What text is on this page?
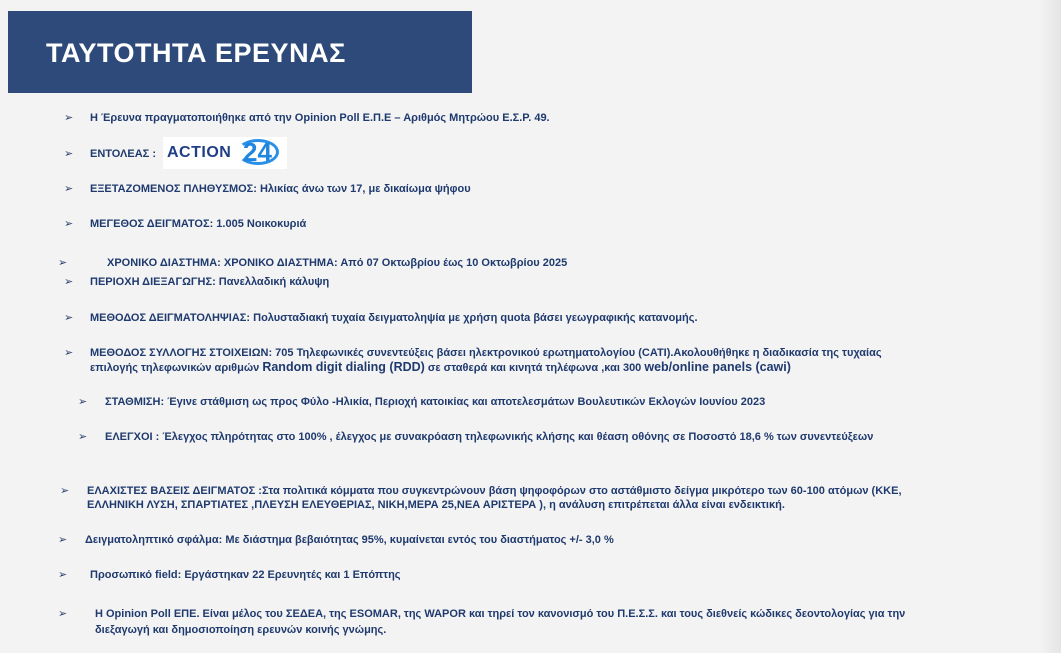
ΤΑΥΤΟΤΗΤΑ ΕΡΕΥΝΑΣ
➢ Η Έρευνα πραγματοποιήθηκε από την Opinion Poll Ε.Π.Ε – Αριθμός Μητρώου Ε.Σ.Ρ. 49.
➢ ΕΝΤΟΛΕΑΣ : ACTION 24
➢ ΕΞΕΤΑΖΟΜΕΝΟΣ ΠΛΗΘΥΣΜΟΣ: Ηλικίας άνω των 17, με δικαίωμα ψήφου
➢ ΜΕΓΕΘΟΣ ΔΕΙΓΜΑΤΟΣ: 1.005 Νοικοκυριά
➢	ΧΡΟΝΙΚΟ ΔΙΑΣΤΗΜΑ: ΧΡΟΝΙΚΟ ΔΙΑΣΤΗΜΑ: Από 07 Οκτωβρίου έως 10 Οκτωβρίου 2025
➢ ΠΕΡΙΟΧΗ ΔΙΕΞΑΓΩΓΗΣ: Πανελλαδική κάλυψη
➢ ΜΕΘΟΔΟΣ ΔΕΙΓΜΑΤΟΛΗΨΙΑΣ: Πολυσταδιακή τυχαία δειγματοληψία με χρήση quota βάσει γεωγραφικής κατανομής.
➢ ΜΕΘΟΔΟΣ ΣΥΛΛΟΓΗΣ ΣΤΟΙΧΕΙΩΝ: 705 Τηλεφωνικές συνεντεύξεις βάσει ηλεκτρονικού ερωτηματολογίου (CATI).Ακολουθήθηκε η διαδικασία της τυχαίας
επιλογής τηλεφωνικών αριθμών Random digit dialing (RDD) σε σταθερά και κινητά τηλέφωνα ,και 300 web/online panels (cawi)
➢ ΣΤΑΘΜΙΣΗ: Έγινε στάθμιση ως προς Φύλο -Ηλικία, Περιοχή κατοικίας και αποτελεσμάτων Βουλευτικών Εκλογών Ιουνίου 2023
➢ ΕΛΕΓΧΟΙ : Έλεγχος πληρότητας στο 100% , έλεγχος με συνακρόαση τηλεφωνικής κλήσης και θέαση οθόνης σε Ποσοστό 18,6 % των συνεντεύξεων
➢ ΕΛΑΧΙΣΤΕΣ ΒΑΣΕΙΣ ΔΕΙΓΜΑΤΟΣ :Στα πολιτικά κόμματα που συγκεντρώνουν βάση ψηφοφόρων στο αστάθμιστο δείγμα μικρότερο των 60-100 ατόμων (ΚΚΕ,
ΕΛΛΗΝΙΚΗ ΛΥΣΗ, ΣΠΑΡΤΙΑΤΕΣ ,ΠΛΕΥΣΗ ΕΛΕΥΘΕΡΙΑΣ, ΝΙΚΗ,ΜΕΡΑ 25,ΝΕΑ ΑΡΙΣΤΕΡΑ ), η ανάλυση επιτρέπεται άλλα είναι ενδεικτική.
➢ Δειγματοληπτικό σφάλμα: Με διάστημα βεβαιότητας 95%, κυμαίνεται εντός του διαστήματος +/- 3,0 %
➢ Προσωπικό field: Εργάστηκαν 22 Ερευνητές και 1 Επόπτης
➢	Η Opinion Poll ΕΠΕ. Είναι μέλος του ΣΕΔΕΑ, της ESOMAR, της WAPOR και τηρεί τον κανονισμό του Π.Ε.Σ.Σ. και τους διεθνείς κώδικες δεοντολογίας για την
διεξαγωγή και δημοσιοποίηση ερευνών κοινής γνώμης.
